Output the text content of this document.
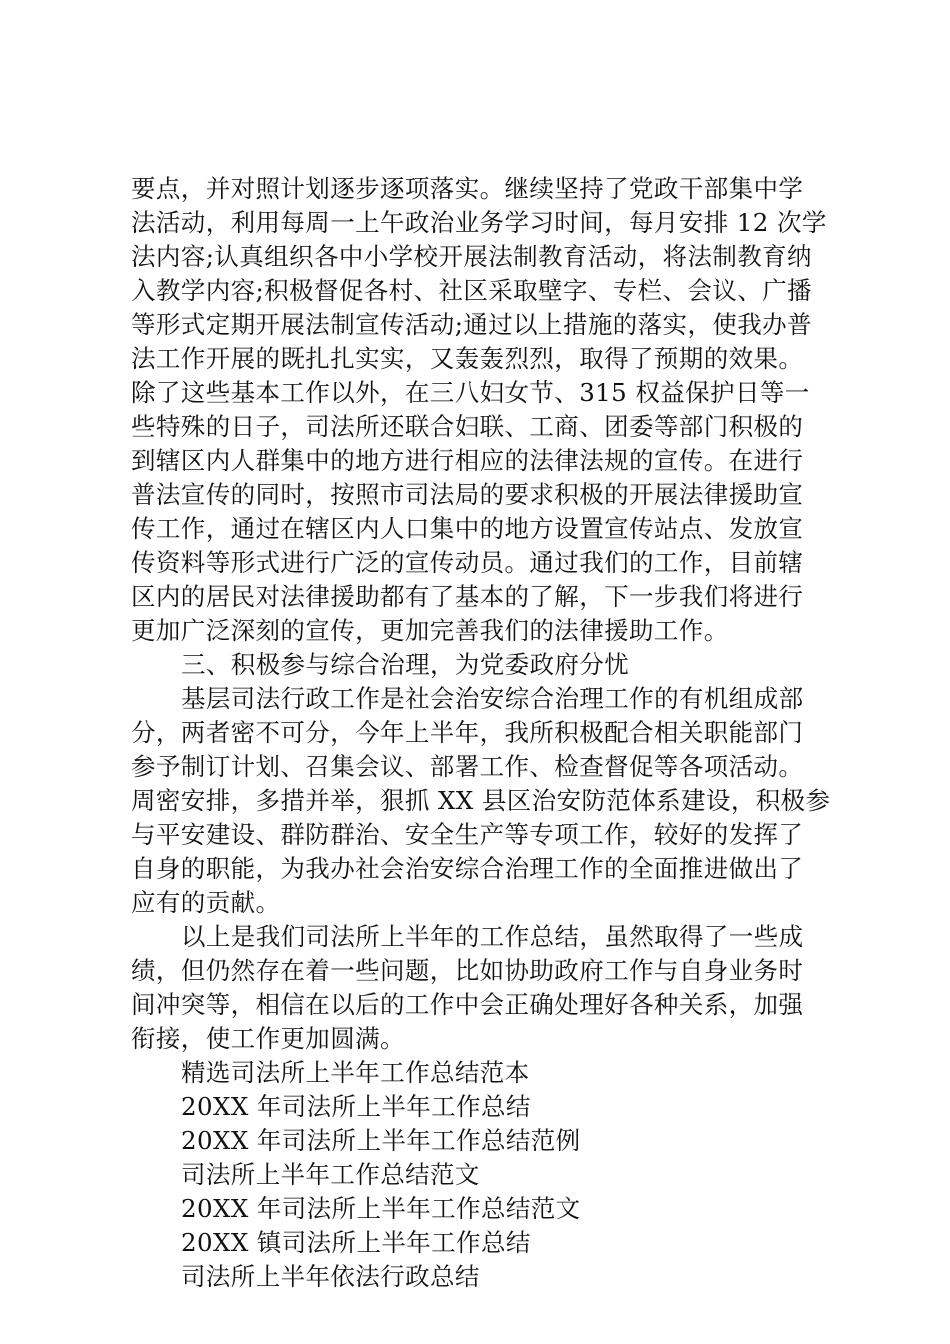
要点，并对照计划逐步逐项落实。继续坚持了党政干部集中学
法活动，利用每周一上午政治业务学习时间，每月安排 12 次学
法内容;认真组织各中小学校开展法制教育活动，将法制教育纳
入教学内容;积极督促各村、社区采取壁字、专栏、会议、广播
等形式定期开展法制宣传活动;通过以上措施的落实，使我办普
法工作开展的既扎扎实实，又轰轰烈烈，取得了预期的效果。
除了这些基本工作以外，在三八妇女节、315 权益保护日等一
些特殊的日子，司法所还联合妇联、工商、团委等部门积极的
到辖区内人群集中的地方进行相应的法律法规的宣传。在进行
普法宣传的同时，按照市司法局的要求积极的开展法律援助宣
传工作，通过在辖区内人口集中的地方设置宣传站点、发放宣
传资料等形式进行广泛的宣传动员。通过我们的工作，目前辖
区内的居民对法律援助都有了基本的了解，下一步我们将进行
更加广泛深刻的宣传，更加完善我们的法律援助工作。
三、积极参与综合治理，为党委政府分忧
基层司法行政工作是社会治安综合治理工作的有机组成部
分，两者密不可分，今年上半年，我所积极配合相关职能部门
参予制订计划、召集会议、部署工作、检查督促等各项活动。
周密安排，多措并举，狠抓 XX 县区治安防范体系建设，积极参
与平安建设、群防群治、安全生产等专项工作，较好的发挥了
自身的职能，为我办社会治安综合治理工作的全面推进做出了
应有的贡献。
以上是我们司法所上半年的工作总结，虽然取得了一些成
绩，但仍然存在着一些问题，比如协助政府工作与自身业务时
间冲突等，相信在以后的工作中会正确处理好各种关系，加强
衔接，使工作更加圆满。
精选司法所上半年工作总结范本
20XX 年司法所上半年工作总结
20XX 年司法所上半年工作总结范例
司法所上半年工作总结范文
20XX 年司法所上半年工作总结范文
20XX 镇司法所上半年工作总结
司法所上半年依法行政总结
